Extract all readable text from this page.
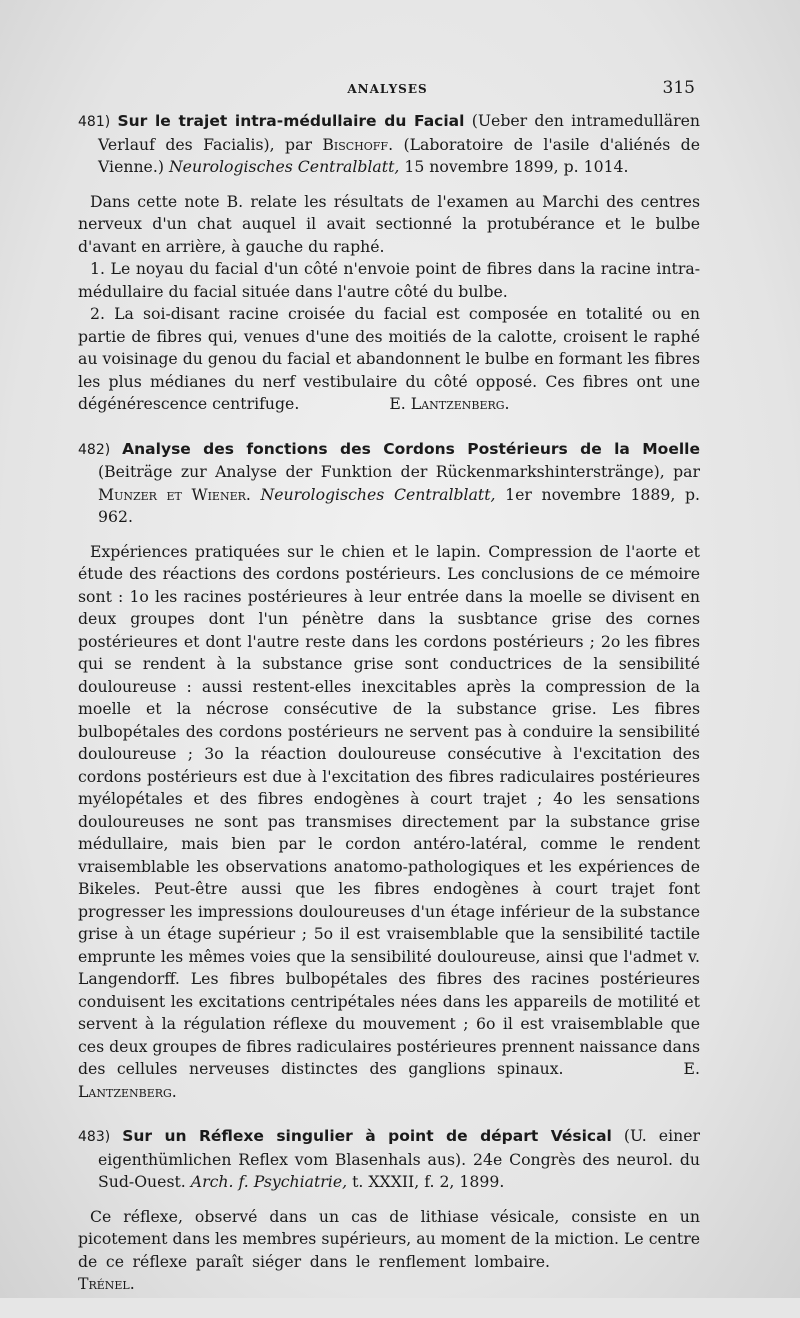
ANALYSES	315

481) Sur le trajet intra-médullaire du Facial (Ueber den intramedullären Verlauf des Facialis), par Bischoff. (Laboratoire de l'asile d'aliénés de Vienne.) Neurologisches Centralblatt, 15 novembre 1899, p. 1014.

Dans cette note B. relate les résultats de l'examen au Marchi des centres nerveux d'un chat auquel il avait sectionné la protubérance et le bulbe d'avant en arrière, à gauche du raphé.

1. Le noyau du facial d'un côté n'envoie point de fibres dans la racine intra-médullaire du facial située dans l'autre côté du bulbe.

2. La soi-disant racine croisée du facial est composée en totalité ou en partie de fibres qui, venues d'une des moitiés de la calotte, croisent le raphé au voisinage du genou du facial et abandonnent le bulbe en formant les fibres les plus médianes du nerf vestibulaire du côté opposé. Ces fibres ont une dégénérescence centrifuge.	E. Lantzenberg.

482) Analyse des fonctions des Cordons Postérieurs de la Moelle (Beiträge zur Analyse der Funktion der Rückenmarkshinterstränge), par Munzer et Wiener. Neurologisches Centralblatt, 1er novembre 1889, p. 962.

Expériences pratiquées sur le chien et le lapin. Compression de l'aorte et étude des réactions des cordons postérieurs. Les conclusions de ce mémoire sont : 1o les racines postérieures à leur entrée dans la moelle se divisent en deux groupes dont l'un pénètre dans la susbtance grise des cornes postérieures et dont l'autre reste dans les cordons postérieurs ; 2o les fibres qui se rendent à la substance grise sont conductrices de la sensibilité douloureuse : aussi restent-elles inexcitables après la compression de la moelle et la nécrose consécutive de la substance grise. Les fibres bulbopétales des cordons postérieurs ne servent pas à conduire la sensibilité douloureuse ; 3o la réaction douloureuse consécutive à l'excitation des cordons postérieurs est due à l'excitation des fibres radiculaires postérieures myélopétales et des fibres endogènes à court trajet ; 4o les sensations douloureuses ne sont pas transmises directement par la substance grise médullaire, mais bien par le cordon antéro-latéral, comme le rendent vraisemblable les observations anatomo-pathologiques et les expériences de Bikeles. Peut-être aussi que les fibres endogènes à court trajet font progresser les impressions douloureuses d'un étage inférieur de la substance grise à un étage supérieur ; 5o il est vraisemblable que la sensibilité tactile emprunte les mêmes voies que la sensibilité douloureuse, ainsi que l'admet v. Langendorff. Les fibres bulbopétales des fibres des racines postérieures conduisent les excitations centripétales nées dans les appareils de motilité et servent à la régulation réflexe du mouvement ; 6o il est vraisemblable que ces deux groupes de fibres radiculaires postérieures prennent naissance dans des cellules nerveuses distinctes des ganglions spinaux.	E. Lantzenberg.

483) Sur un Réflexe singulier à point de départ Vésical (U. einer eigenthümlichen Reflex vom Blasenhals aus). 24e Congrès des neurol. du Sud-Ouest. Arch. f. Psychiatrie, t. XXXII, f. 2, 1899.

Ce réflexe, observé dans un cas de lithiase vésicale, consiste en un picotement dans les membres supérieurs, au moment de la miction. Le centre de ce réflexe paraît siéger dans le renflement lombaire.Trénel.
